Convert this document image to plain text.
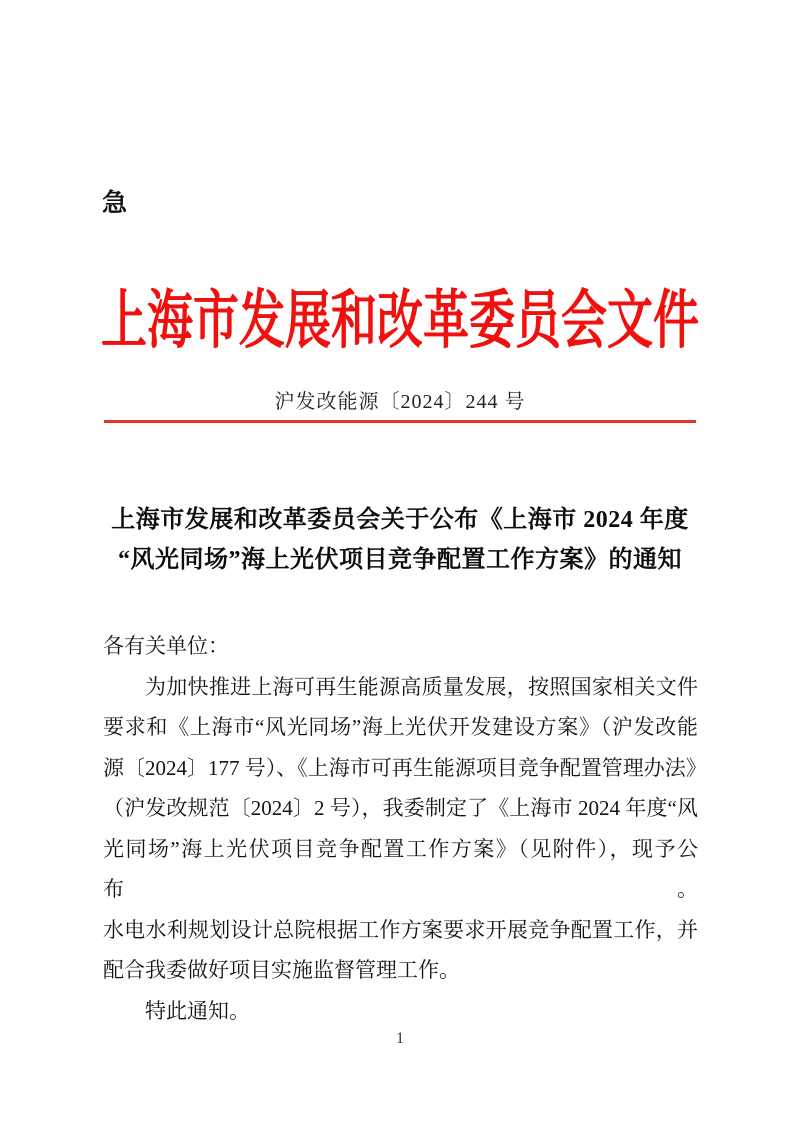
急
上海市发展和改革委员会文件
沪发改能源〔2024〕244 号
上海市发展和改革委员会关于公布《上海市 2024 年度
“风光同场”海上光伏项目竞争配置工作方案》的通知
各有关单位：
为加快推进上海可再生能源高质量发展，按照国家相关文件
要求和《上海市“风光同场”海上光伏开发建设方案》（沪发改能
源〔2024〕177 号）、《上海市可再生能源项目竞争配置管理办法》
（沪发改规范〔2024〕2 号），我委制定了《上海市 2024 年度“风
光同场”海上光伏项目竞争配置工作方案》（见附件），现予公布。
水电水利规划设计总院根据工作方案要求开展竞争配置工作，并
配合我委做好项目实施监督管理工作。
特此通知。
1
